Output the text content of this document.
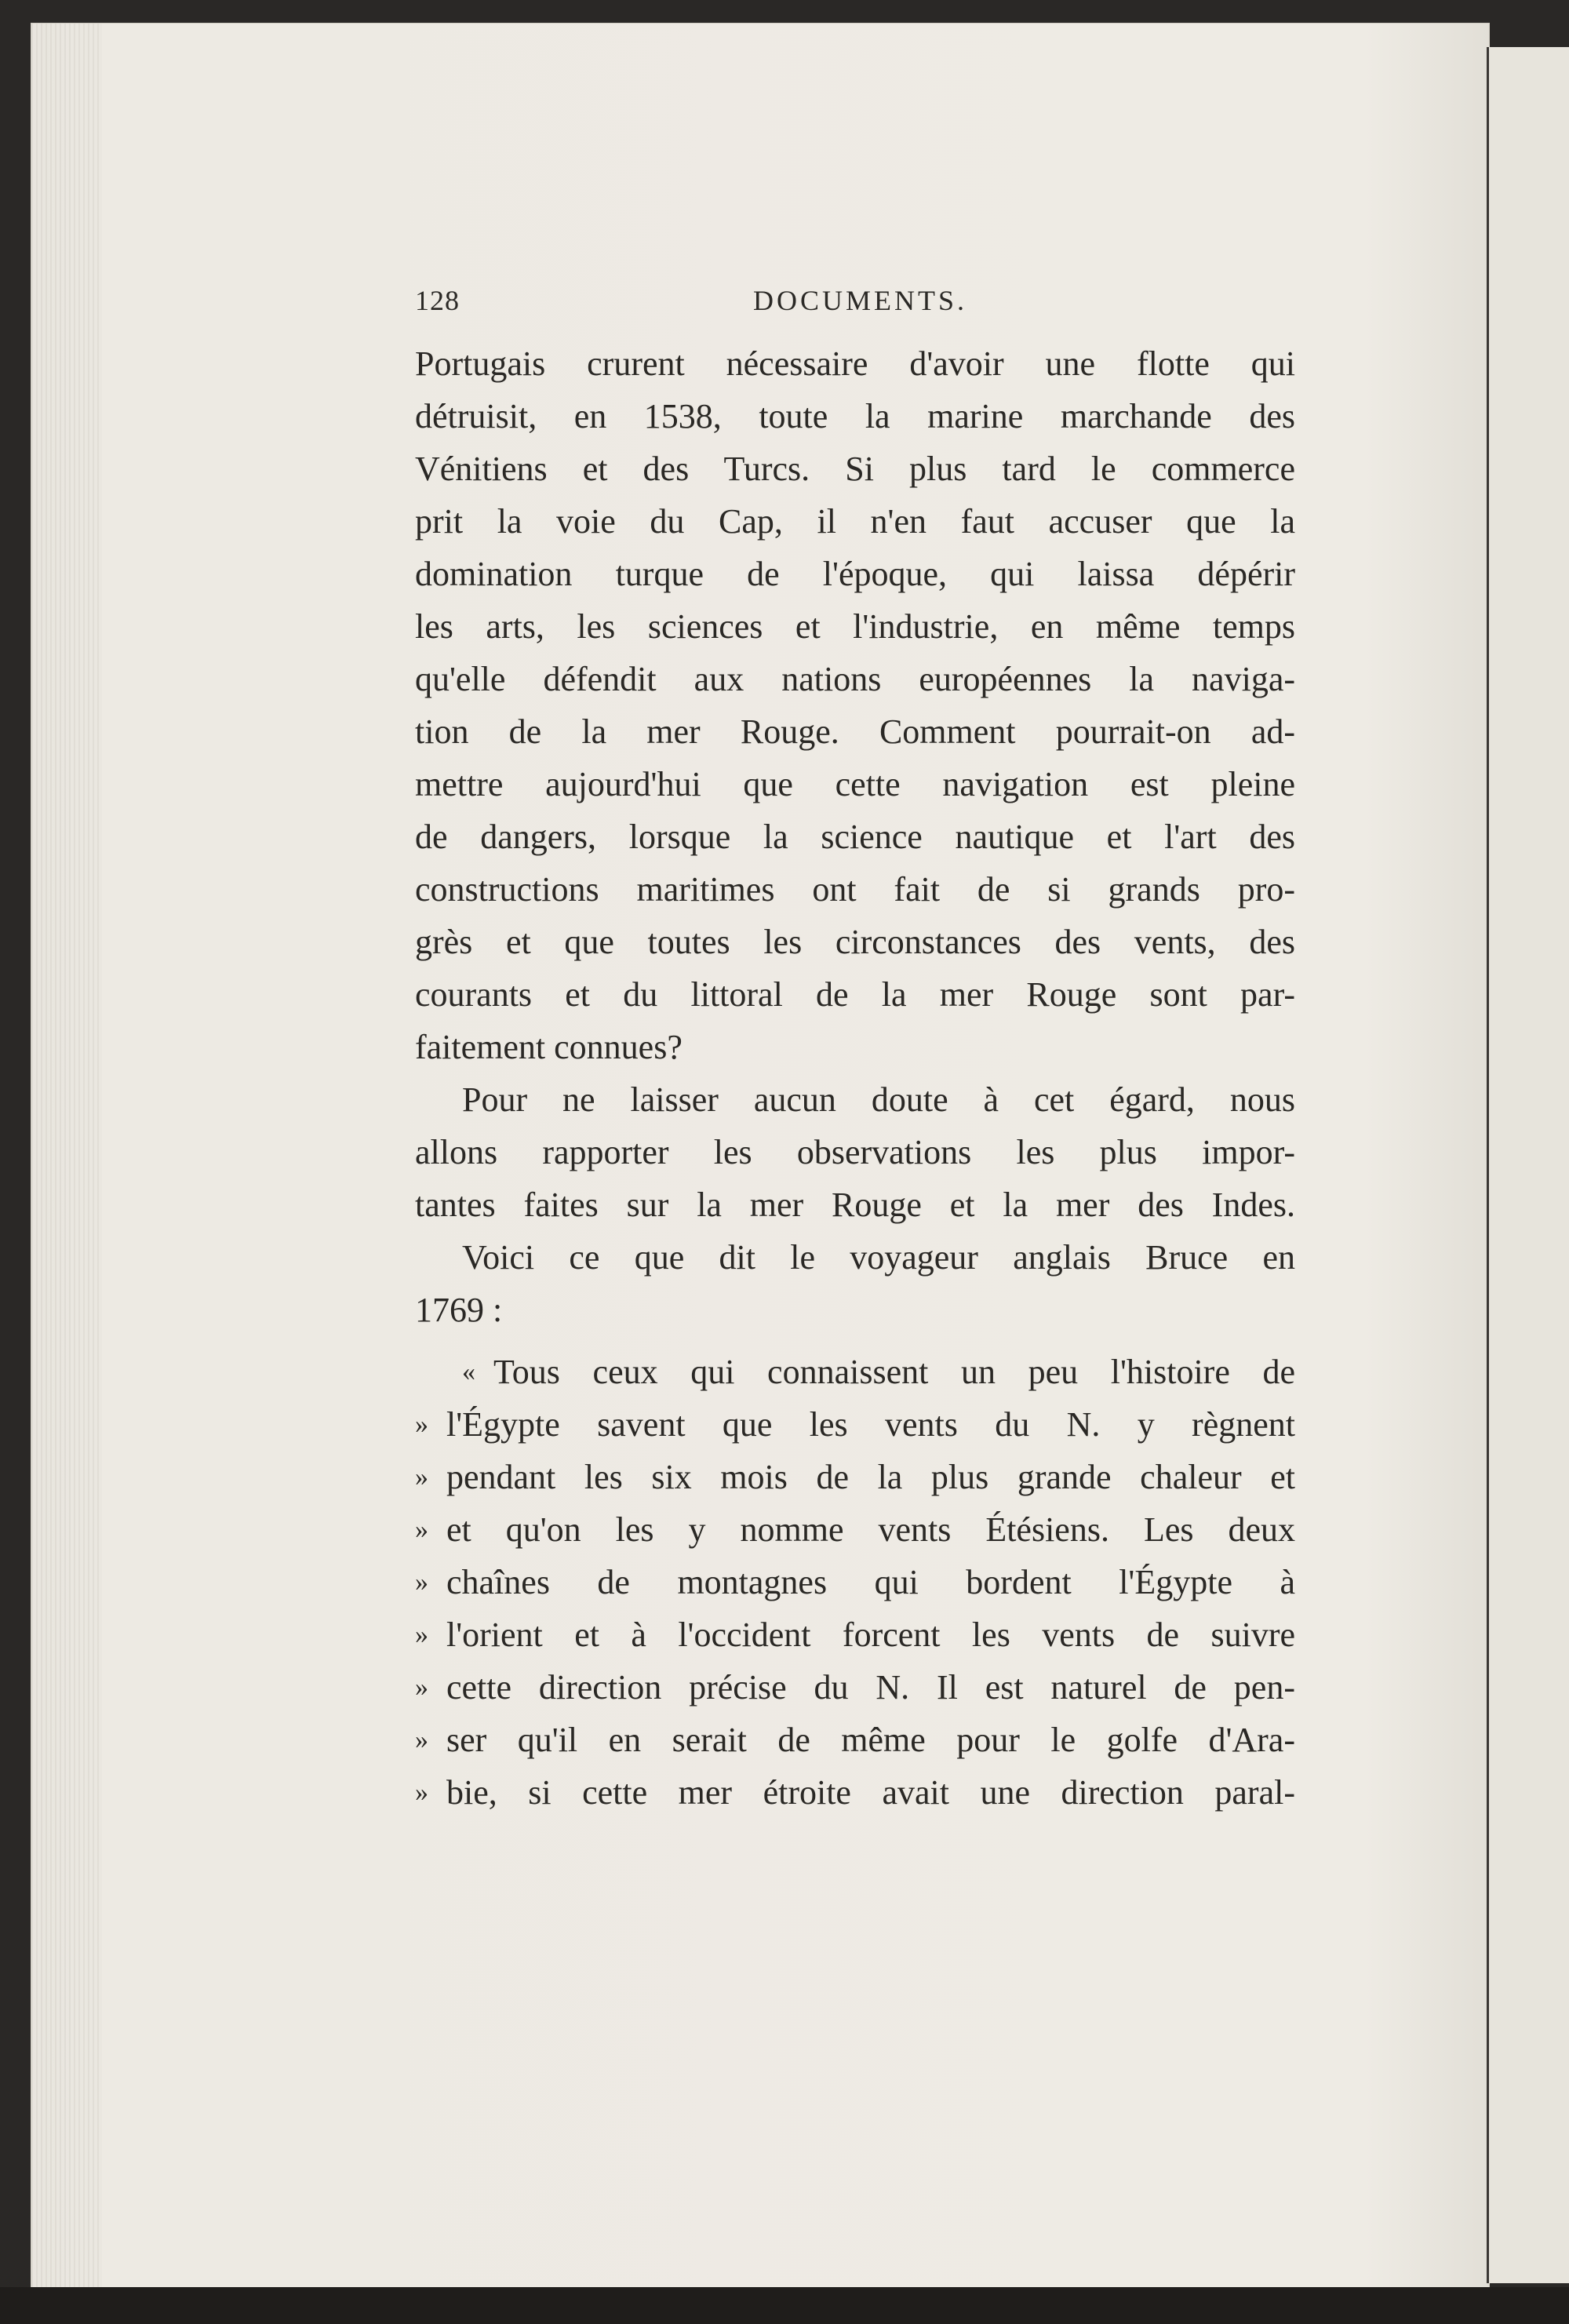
128	DOCUMENTS.
Portugais crurent nécessaire d'avoir une flotte qui
détruisit, en 1538, toute la marine marchande des
Vénitiens et des Turcs. Si plus tard le commerce
prit la voie du Cap, il n'en faut accuser que la
domination turque de l'époque, qui laissa dépérir
les arts, les sciences et l'industrie, en même temps
qu'elle défendit aux nations européennes la naviga-
tion de la mer Rouge. Comment pourrait-on ad-
mettre aujourd'hui que cette navigation est pleine
de dangers, lorsque la science nautique et l'art des
constructions maritimes ont fait de si grands pro-
grès et que toutes les circonstances des vents, des
courants et du littoral de la mer Rouge sont par-
faitement connues?
Pour ne laisser aucun doute à cet égard, nous
allons rapporter les observations les plus impor-
tantes faites sur la mer Rouge et la mer des Indes.
Voici ce que dit le voyageur anglais Bruce en
1769 :
« Tous ceux qui connaissent un peu l'histoire de
» l'Égypte savent que les vents du N. y règnent
» pendant les six mois de la plus grande chaleur et
» et qu'on les y nomme vents Étésiens. Les deux
» chaînes de montagnes qui bordent l'Égypte à
» l'orient et à l'occident forcent les vents de suivre
» cette direction précise du N. Il est naturel de pen-
» ser qu'il en serait de même pour le golfe d'Ara-
» bie, si cette mer étroite avait une direction paral-
